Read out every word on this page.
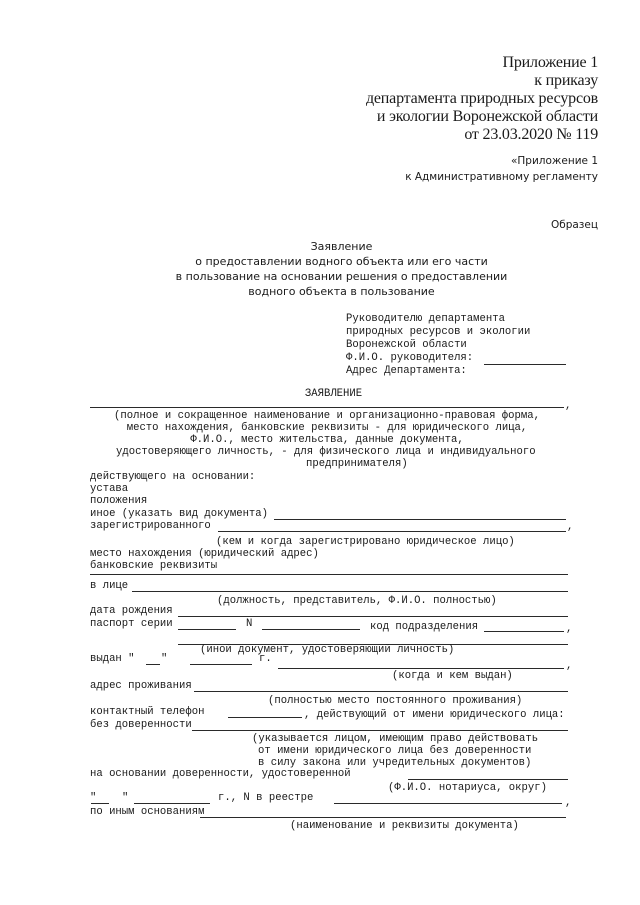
Приложение 1
к приказу
департамента природных ресурсов
и экологии Воронежской области
от 23.03.2020 № 119
«Приложение 1
к Административному регламенту
Образец
Заявление
о предоставлении водного объекта или его части
в пользование на основании решения о предоставлении
водного объекта в пользование
Руководителю департамента
природных ресурсов и экологии
Воронежской области
Ф.И.О. руководителя:
Адрес Департамента:
ЗАЯВЛЕНИЕ
,
(полное и сокращенное наименование и организационно-правовая форма,
место нахождения, банковские реквизиты - для юридического лица,
Ф.И.О., место жительства, данные документа,
удостоверяющего личность, - для физического лица и индивидуального
предпринимателя)
действующего на основании:
устава
положения
иное (указать вид документа)
зарегистрированного	,
(кем и когда зарегистрировано юридическое лицо)
место нахождения (юридический адрес)
банковские реквизиты
в лице
(должность, представитель, Ф.И.О. полностью)
дата рождения
паспорт серии	N	код подразделения	,
(иной документ, удостоверяющий личность)
выдан " "	г.
,
(когда и кем выдан)
адрес проживания
(полностью место постоянного проживания)
контактный телефон	, действующий от имени юридического лица:
без доверенности
(указывается лицом, имеющим право действовать
от имени юридического лица без доверенности
в силу закона или учредительных документов)
на основании доверенности, удостоверенной
(Ф.И.О. нотариуса, округ)
" "	г., N в реестре	,
по иным основаниям
(наименование и реквизиты документа)
